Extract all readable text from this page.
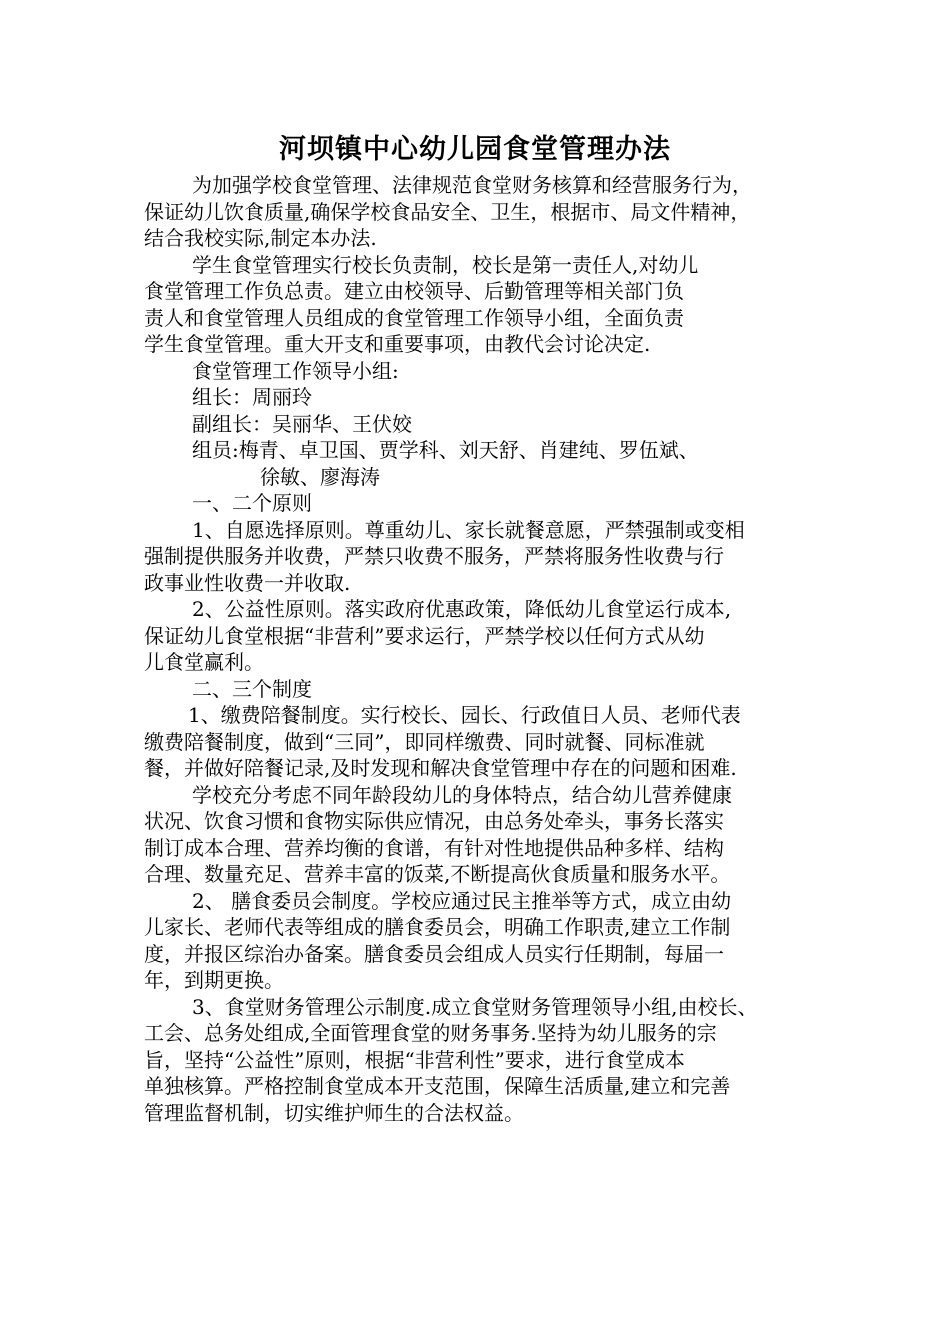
河坝镇中心幼儿园食堂管理办法
为加强学校食堂管理、法律规范食堂财务核算和经营服务行为，
保证幼儿饮食质量,确保学校食品安全、卫生，根据市、局文件精神，
结合我校实际,制定本办法.
学生食堂管理实行校长负责制，校长是第一责任人,对幼儿
食堂管理工作负总责。建立由校领导、后勤管理等相关部门负
责人和食堂管理人员组成的食堂管理工作领导小组，全面负责
学生食堂管理。重大开支和重要事项，由教代会讨论决定.
食堂管理工作领导小组:
组长：周丽玲
副组长：吴丽华、王伏姣
组员:梅青、卓卫国、贾学科、刘天舒、肖建纯、罗伍斌、
徐敏、廖海涛
一、二个原则
1、自愿选择原则。尊重幼儿、家长就餐意愿，严禁强制或变相
强制提供服务并收费，严禁只收费不服务，严禁将服务性收费与行
政事业性收费一并收取.
2、公益性原则。落实政府优惠政策，降低幼儿食堂运行成本,
保证幼儿食堂根据“非营利”要求运行，严禁学校以任何方式从幼
儿食堂赢利。
二、三个制度
1、缴费陪餐制度。实行校长、园长、行政值日人员、老师代表
缴费陪餐制度，做到“三同”，即同样缴费、同时就餐、同标准就
餐，并做好陪餐记录,及时发现和解决食堂管理中存在的问题和困难.
学校充分考虑不同年龄段幼儿的身体特点，结合幼儿营养健康
状况、饮食习惯和食物实际供应情况，由总务处牵头，事务长落实
制订成本合理、营养均衡的食谱，有针对性地提供品种多样、结构
合理、数量充足、营养丰富的饭菜,不断提高伙食质量和服务水平。
2、 膳食委员会制度。学校应通过民主推举等方式，成立由幼
儿家长、老师代表等组成的膳食委员会，明确工作职责,建立工作制
度，并报区综治办备案。膳食委员会组成人员实行任期制，每届一
年，到期更换。
3、食堂财务管理公示制度.成立食堂财务管理领导小组,由校长、
工会、总务处组成,全面管理食堂的财务事务.坚持为幼儿服务的宗
旨，坚持“公益性”原则，根据“非营利性”要求，进行食堂成本
单独核算。严格控制食堂成本开支范围，保障生活质量,建立和完善
管理监督机制，切实维护师生的合法权益。
